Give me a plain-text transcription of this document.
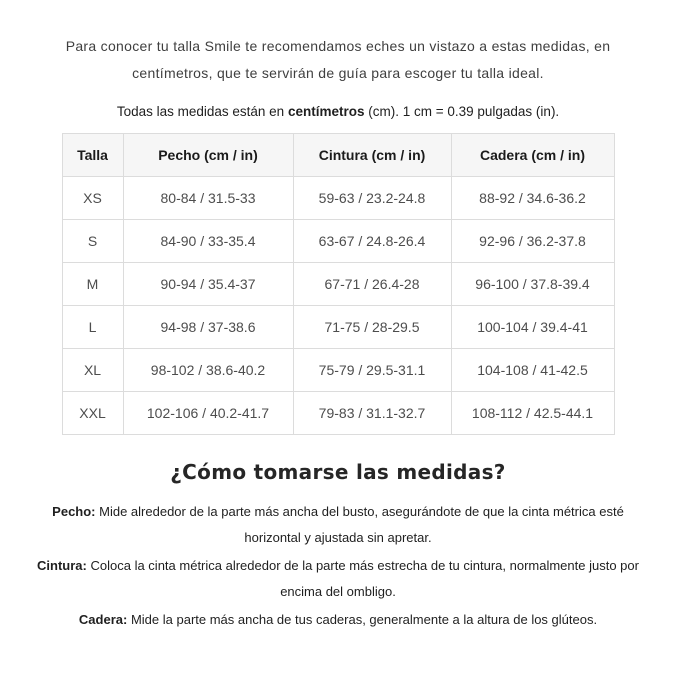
Para conocer tu talla Smile te recomendamos eches un vistazo a estas medidas, en
centímetros, que te servirán de guía para escoger tu talla ideal.
Todas las medidas están en centímetros (cm). 1 cm = 0.39 pulgadas (in).
Talla	Pecho (cm / in)	Cintura (cm / in)	Cadera (cm / in)
XS	80-84 / 31.5-33	59-63 / 23.2-24.8	88-92 / 34.6-36.2
S	84-90 / 33-35.4	63-67 / 24.8-26.4	92-96 / 36.2-37.8
M	90-94 / 35.4-37	67-71 / 26.4-28	96-100 / 37.8-39.4
L	94-98 / 37-38.6	71-75 / 28-29.5	100-104 / 39.4-41
XL	98-102 / 38.6-40.2	75-79 / 29.5-31.1	104-108 / 41-42.5
XXL	102-106 / 40.2-41.7	79-83 / 31.1-32.7	108-112 / 42.5-44.1
¿Cómo tomarse las medidas?

Pecho: Mide alrededor de la parte más ancha del busto, asegurándote de que la cinta métrica esté horizontal y ajustada sin apretar.

Cintura: Coloca la cinta métrica alrededor de la parte más estrecha de tu cintura, normalmente justo por encima del ombligo.

Cadera: Mide la parte más ancha de tus caderas, generalmente a la altura de los glúteos.
